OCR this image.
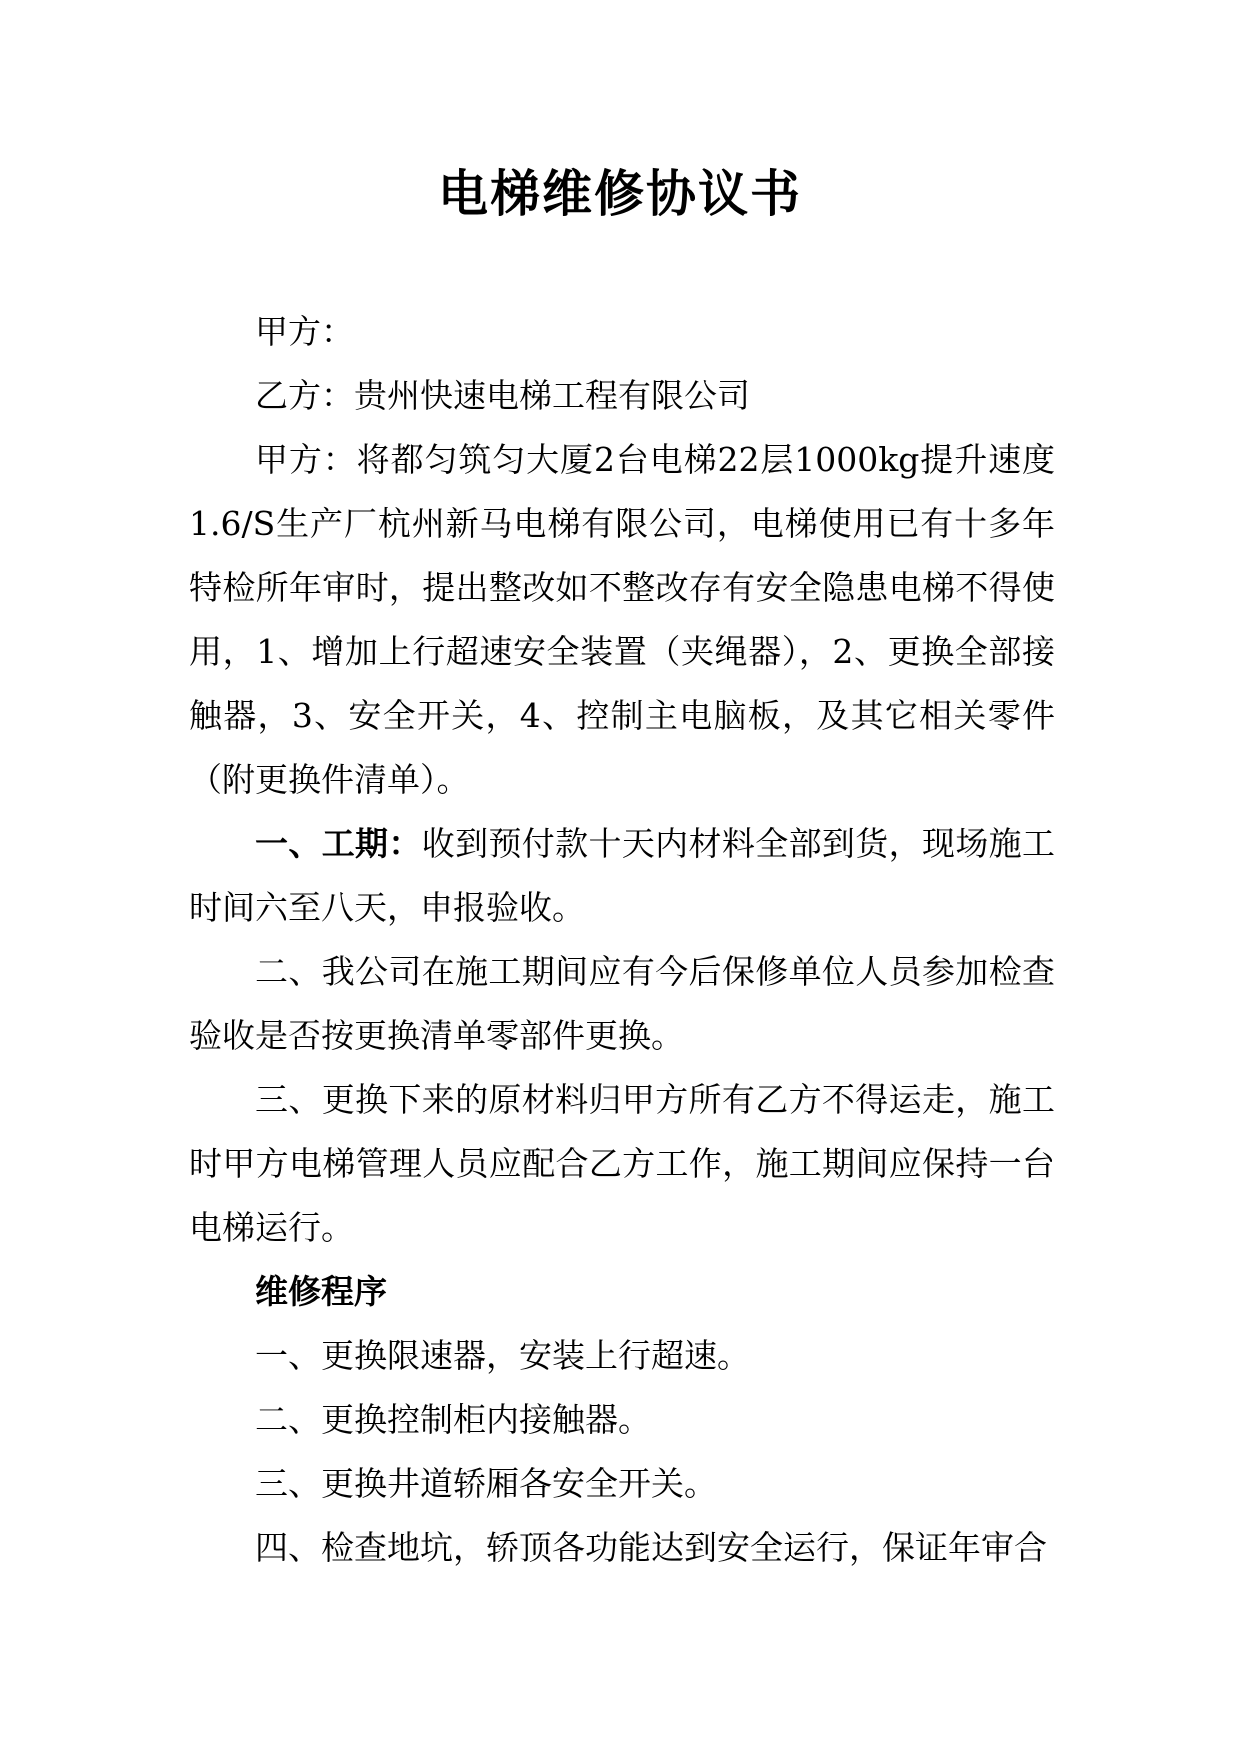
电梯维修协议书

甲方：

乙方：贵州快速电梯工程有限公司

甲方：将都匀筑匀大厦2台电梯22层1000kg提升速度1.6/S生产厂杭州新马电梯有限公司，电梯使用已有十多年特检所年审时，提出整改如不整改存有安全隐患电梯不得使用，1、增加上行超速安全装置（夹绳器），2、更换全部接触器，3、安全开关，4、控制主电脑板，及其它相关零件（附更换件清单）。

一、工期：收到预付款十天内材料全部到货，现场施工时间六至八天，申报验收。

二、我公司在施工期间应有今后保修单位人员参加检查验收是否按更换清单零部件更换。

三、更换下来的原材料归甲方所有乙方不得运走，施工时甲方电梯管理人员应配合乙方工作，施工期间应保持一台电梯运行。

维修程序

一、更换限速器，安装上行超速。

二、更换控制柜内接触器。

三、更换井道轿厢各安全开关。

四、检查地坑，轿顶各功能达到安全运行，保证年审合
